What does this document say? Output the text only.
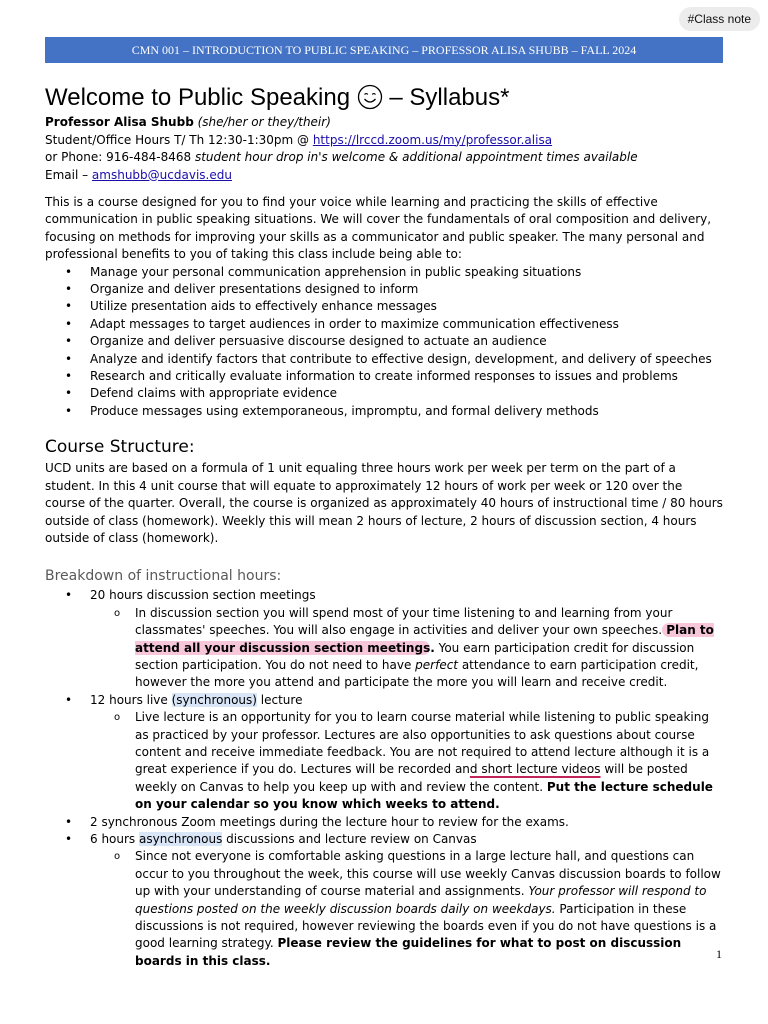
#Class note
CMN 001 – INTRODUCTION TO PUBLIC SPEAKING – PROFESSOR ALISA SHUBB – FALL 2024
Welcome to Public Speaking  – Syllabus*
Professor Alisa Shubb (she/her or they/their)
Student/Office Hours T/ Th 12:30-1:30pm @ https://lrccd.zoom.us/my/professor.alisa
or Phone: 916-484-8468 student hour drop in's welcome & additional appointment times available
Email – amshubb@ucdavis.edu

This is a course designed for you to find your voice while learning and practicing the skills of effective communication in public speaking situations. We will cover the fundamentals of oral composition and delivery, focusing on methods for improving your skills as a communicator and public speaker. The many personal and professional benefits to you of taking this class include being able to:

• Manage your personal communication apprehension in public speaking situations
• Organize and deliver presentations designed to inform
• Utilize presentation aids to effectively enhance messages
• Adapt messages to target audiences in order to maximize communication effectiveness
• Organize and deliver persuasive discourse designed to actuate an audience
• Analyze and identify factors that contribute to effective design, development, and delivery of speeches
• Research and critically evaluate information to create informed responses to issues and problems
• Defend claims with appropriate evidence
• Produce messages using extemporaneous, impromptu, and formal delivery methods
Course Structure:

UCD units are based on a formula of 1 unit equaling three hours work per week per term on the part of a student. In this 4 unit course that will equate to approximately 12 hours of work per week or 120 over the course of the quarter. Overall, the course is organized as approximately 40 hours of instructional time / 80 hours outside of class (homework). Weekly this will mean 2 hours of lecture, 2 hours of discussion section, 4 hours outside of class (homework).

Breakdown of instructional hours:
• 20 hours discussion section meetings
o In discussion section you will spend most of your time listening to and learning from your classmates' speeches. You will also engage in activities and deliver your own speeches. Plan to attend all your discussion section meetings. You earn participation credit for discussion section participation. You do not need to have perfect attendance to earn participation credit, however the more you attend and participate the more you will learn and receive credit.
• 12 hours live (synchronous) lecture
o Live lecture is an opportunity for you to learn course material while listening to public speaking as practiced by your professor. Lectures are also opportunities to ask questions about course content and receive immediate feedback. You are not required to attend lecture although it is a great experience if you do. Lectures will be recorded and short lecture videos will be posted weekly on Canvas to help you keep up with and review the content. Put the lecture schedule on your calendar so you know which weeks to attend.
• 2 synchronous Zoom meetings during the lecture hour to review for the exams.
• 6 hours asynchronous discussions and lecture review on Canvas
o Since not everyone is comfortable asking questions in a large lecture hall, and questions can occur to you throughout the week, this course will use weekly Canvas discussion boards to follow up with your understanding of course material and assignments. Your professor will respond to questions posted on the weekly discussion boards daily on weekdays. Participation in these discussions is not required, however reviewing the boards even if you do not have questions is a good learning strategy. Please review the guidelines for what to post on discussion boards in this class.	1
